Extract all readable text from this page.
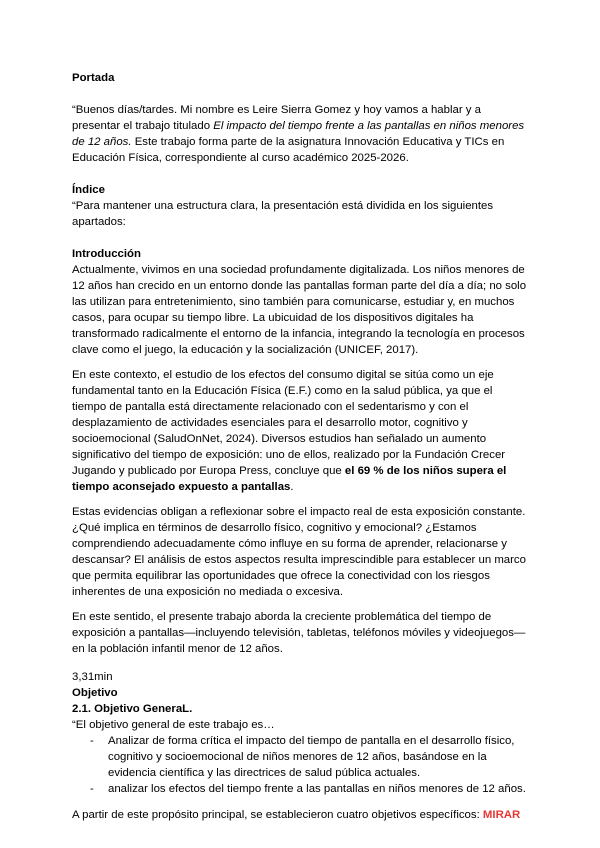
Portada

“Buenos días/tardes. Mi nombre es Leire Sierra Gomez y hoy vamos a hablar y a presentar el trabajo titulado El impacto del tiempo frente a las pantallas en niños menores de 12 años. Este trabajo forma parte de la asignatura Innovación Educativa y TICs en Educación Física, correspondiente al curso académico 2025-2026.

Índice

“Para mantener una estructura clara, la presentación está dividida en los siguientes apartados:

Introducción

Actualmente, vivimos en una sociedad profundamente digitalizada. Los niños menores de 12 años han crecido en un entorno donde las pantallas forman parte del día a día; no solo las utilizan para entretenimiento, sino también para comunicarse, estudiar y, en muchos casos, para ocupar su tiempo libre. La ubicuidad de los dispositivos digitales ha transformado radicalmente el entorno de la infancia, integrando la tecnología en procesos clave como el juego, la educación y la socialización (UNICEF, 2017).

En este contexto, el estudio de los efectos del consumo digital se sitúa como un eje fundamental tanto en la Educación Física (E.F.) como en la salud pública, ya que el tiempo de pantalla está directamente relacionado con el sedentarismo y con el desplazamiento de actividades esenciales para el desarrollo motor, cognitivo y socioemocional (SaludOnNet, 2024). Diversos estudios han señalado un aumento significativo del tiempo de exposición: uno de ellos, realizado por la Fundación Crecer Jugando y publicado por Europa Press, concluye que el 69 % de los niños supera el tiempo aconsejado expuesto a pantallas.

Estas evidencias obligan a reflexionar sobre el impacto real de esta exposición constante. ¿Qué implica en términos de desarrollo físico, cognitivo y emocional? ¿Estamos comprendiendo adecuadamente cómo influye en su forma de aprender, relacionarse y descansar? El análisis de estos aspectos resulta imprescindible para establecer un marco que permita equilibrar las oportunidades que ofrece la conectividad con los riesgos inherentes de una exposición no mediada o excesiva.

En este sentido, el presente trabajo aborda la creciente problemática del tiempo de exposición a pantallas—incluyendo televisión, tabletas, teléfonos móviles y videojuegos—en la población infantil menor de 12 años.

3,31min

Objetivo

2.1. Objetivo GeneraL.

“El objetivo general de este trabajo es…

- Analizar de forma crítica el impacto del tiempo de pantalla en el desarrollo físico, cognitivo y socioemocional de niños menores de 12 años, basándose en la evidencia científica y las directrices de salud pública actuales.
- analizar los efectos del tiempo frente a las pantallas en niños menores de 12 años.

A partir de este propósito principal, se establecieron cuatro objetivos específicos: MIRAR
